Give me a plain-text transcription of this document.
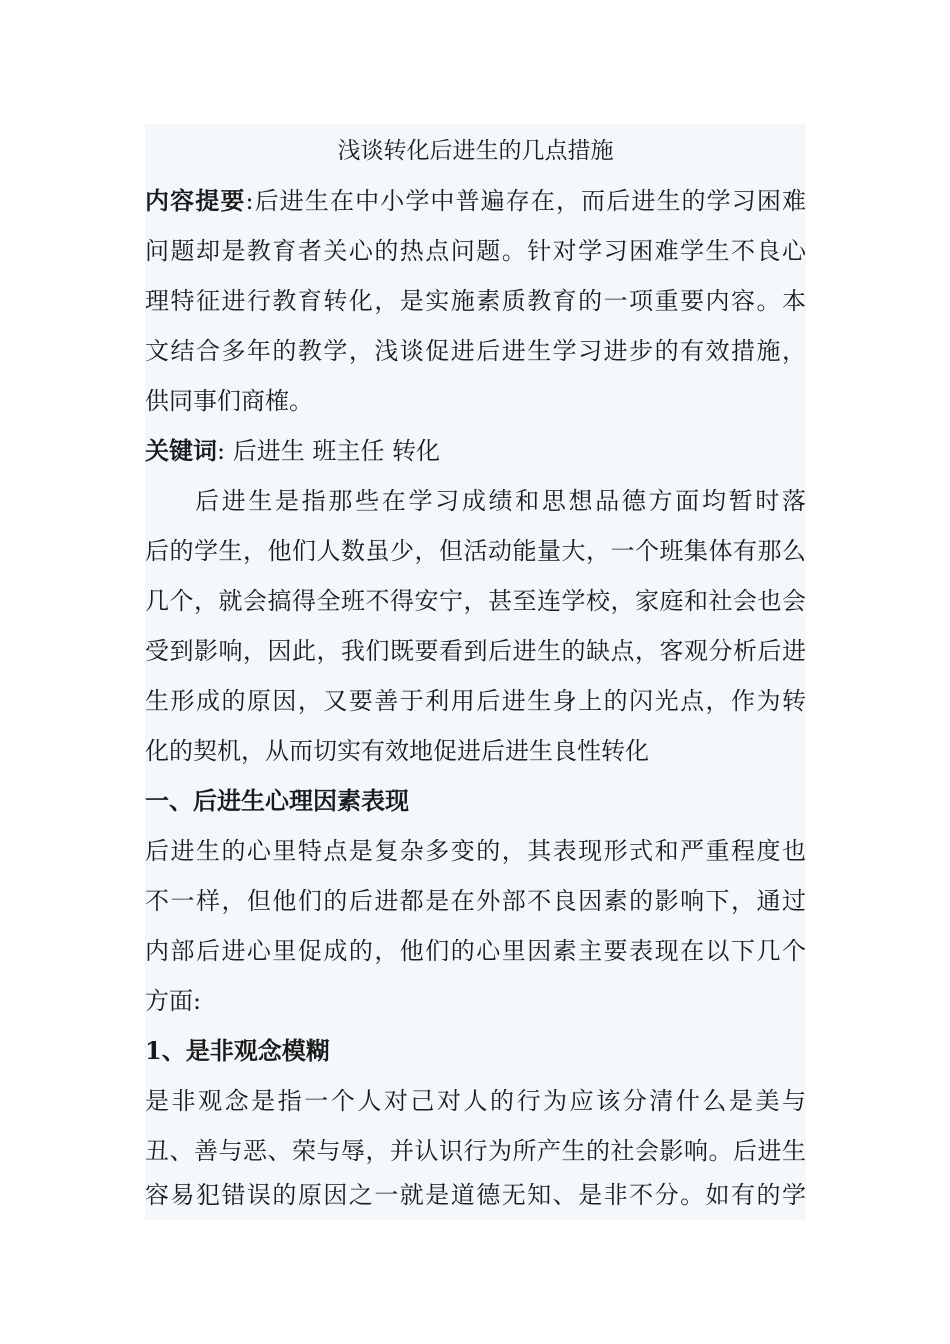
浅谈转化后进生的几点措施
内容提要:后进生在中小学中普遍存在，而后进生的学习困难
问题却是教育者关心的热点问题。针对学习困难学生不良心
理特征进行教育转化，是实施素质教育的一项重要内容。本
文结合多年的教学，浅谈促进后进生学习进步的有效措施，
供同事们商榷。
关键词: 后进生 班主任 转化
后进生是指那些在学习成绩和思想品德方面均暂时落
后的学生，他们人数虽少，但活动能量大，一个班集体有那么
几个，就会搞得全班不得安宁，甚至连学校，家庭和社会也会
受到影响，因此，我们既要看到后进生的缺点，客观分析后进
生形成的原因，又要善于利用后进生身上的闪光点，作为转
化的契机，从而切实有效地促进后进生良性转化
一、后进生心理因素表现
后进生的心里特点是复杂多变的，其表现形式和严重程度也
不一样，但他们的后进都是在外部不良因素的影响下，通过
内部后进心里促成的，他们的心里因素主要表现在以下几个
方面:
1、是非观念模糊
是非观念是指一个人对己对人的行为应该分清什么是美与
丑、善与恶、荣与辱，并认识行为所产生的社会影响。后进生
容易犯错误的原因之一就是道德无知、是非不分。如有的学
